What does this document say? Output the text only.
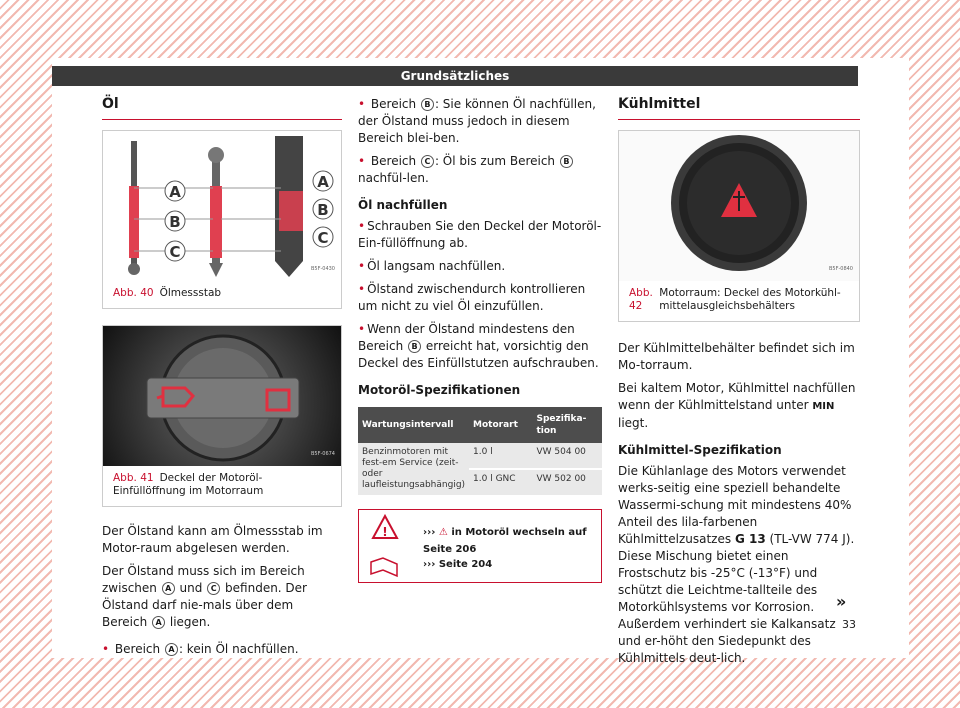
Grundsätzliches
Öl
A
B
C
A
B
C
B5F-0430
Abb. 40 Ölmessstab
B5F-0674
Abb. 41 Deckel der Motoröl-Einfüllöffnung im Motorraum

Der Ölstand kann am Ölmessstab im Motor-raum abgelesen werden.

Der Ölstand muss sich im Bereich zwischen A und C befinden. Der Ölstand darf nie-mals über dem Bereich A liegen.

• Bereich A : kein Öl nachfüllen.

• Bereich B : Sie können Öl nachfüllen, der Ölstand muss jedoch in diesem Bereich blei-ben.

• Bereich C : Öl bis zum Bereich B nachfül-len.

Öl nachfüllen

• Schrauben Sie den Deckel der Motoröl-Ein-füllöffnung ab.

• Öl langsam nachfüllen.

• Ölstand zwischendurch kontrollieren um nicht zu viel Öl einzufüllen.

• Wenn der Ölstand mindestens den Bereich B erreicht hat, vorsichtig den Deckel des Einfüllstutzen aufschrauben.

Motoröl-Spezifikationen
Wartungsintervall	Motorart	Spezifika-tion
Benzinmotoren mit fest-em Service (zeit- oder laufleistungsabhängig)	1.0 l	VW 504 00
	1.0 l GNC	VW 502 00
!	››› ⚠ in Motoröl wechseln auf Seite 206
››› Seite 204
Kühlmittel
B5F-0840
Abb. 42
Motorraum: Deckel des Motorkühl-mittelausgleichsbehälters

Der Kühlmittelbehälter befindet sich im Mo-torraum.

Bei kaltem Motor, Kühlmittel nachfüllen wenn der Kühlmittelstand unter MIN liegt.

Kühlmittel-Spezifikation

Die Kühlanlage des Motors verwendet werks-seitig eine speziell behandelte Wassermi-schung mit mindestens 40% Anteil des lila-farbenen Kühlmittelzusatzes G 13 (TL-VW 774 J). Diese Mischung bietet einen Frostschutz bis -25°C (-13°F) und schützt die Leichtme-tallteile des Motorkühlsystems vor Korrosion. Außerdem verhindert sie Kalkansatz und er-höht den Siedepunkt des Kühlmittels deut-lich.

»
33
